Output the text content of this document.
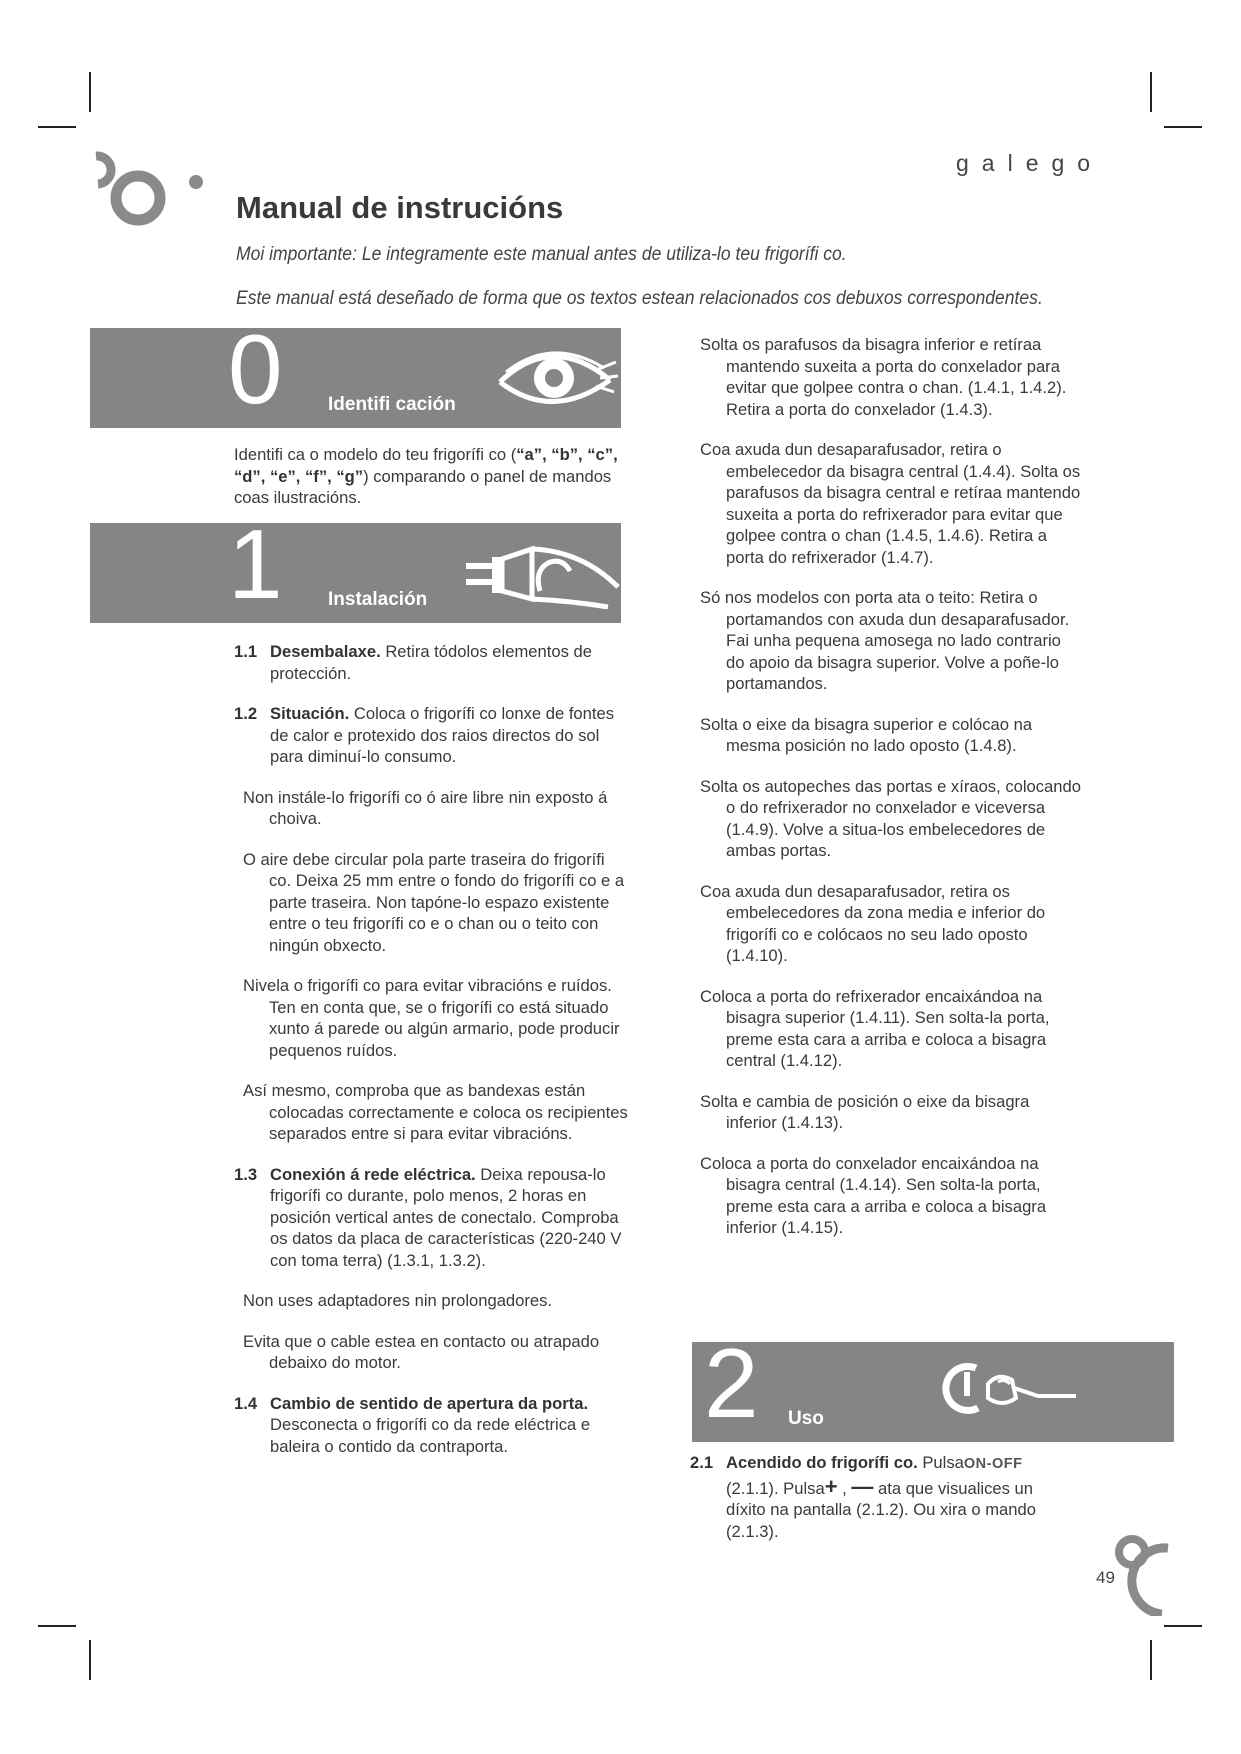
galego
Manual de instrucións

Moi importante: Le integramente este manual antes de utiliza-lo teu frigorífi co.

Este manual está deseñado de forma que os textos estean relacionados cos debuxos correspondentes.

0 Identifi cación
1 Instalación
2 Uso

Identifi ca o modelo do teu frigorífi co (“a”, “b”, “c”, “d”, “e”, “f”, “g”) comparando o panel de mandos coas ilustracións.

1.1 Desembalaxe. Retira tódolos elementos de protección.

1.2 Situación. Coloca o frigorífi co lonxe de fontes de calor e protexido dos raios directos do sol para diminuí-lo consumo.

Non instále-lo frigorífi co ó aire libre nin exposto á choiva.

O aire debe circular pola parte traseira do frigorífi co. Deixa 25 mm entre o fondo do frigorífi co e a parte traseira. Non tapóne-lo espazo existente entre o teu frigorífi co e o chan ou o teito con ningún obxecto.

Nivela o frigorífi co para evitar vibracións e ruídos. Ten en conta que, se o frigorífi co está situado xunto á parede ou algún armario, pode producir pequenos ruídos.

Así mesmo, comproba que as bandexas están colocadas correctamente e coloca os recipientes separados entre si para evitar vibracións.

1.3 Conexión á rede eléctrica. Deixa repousa-lo frigorífi co durante, polo menos, 2 horas en posición vertical antes de conectalo. Comproba os datos da placa de características (220-240 V con toma terra) (1.3.1, 1.3.2).

Non uses adaptadores nin prolongadores.

Evita que o cable estea en contacto ou atrapado debaixo do motor.

1.4 Cambio de sentido de apertura da porta. Desconecta o frigorífi co da rede eléctrica e baleira o contido da contraporta.

Solta os parafusos da bisagra inferior e retíraa mantendo suxeita a porta do conxelador para evitar que golpee contra o chan. (1.4.1, 1.4.2). Retira a porta do conxelador (1.4.3).

Coa axuda dun desaparafusador, retira o embelecedor da bisagra central (1.4.4). Solta os parafusos da bisagra central e retíraa mantendo suxeita a porta do refrixerador para evitar que golpee contra o chan (1.4.5, 1.4.6). Retira a porta do refrixerador (1.4.7).

Só nos modelos con porta ata o teito: Retira o portamandos con axuda dun desaparafusador. Fai unha pequena amosega no lado contrario do apoio da bisagra superior. Volve a poñe-lo portamandos.

Solta o eixe da bisagra superior e colócao na mesma posición no lado oposto (1.4.8).

Solta os autopeches das portas e xíraos, colocando o do refrixerador no conxelador e viceversa (1.4.9). Volve a situa-los embelecedores de ambas portas.

Coa axuda dun desaparafusador, retira os embelecedores da zona media e inferior do frigorífi co e colócaos no seu lado oposto (1.4.10).

Coloca a porta do refrixerador encaixándoa na bisagra superior (1.4.11). Sen solta-la porta, preme esta cara a arriba e coloca a bisagra central (1.4.12).

Solta e cambia de posición o eixe da bisagra inferior (1.4.13).

Coloca a porta do conxelador encaixándoa na bisagra central (1.4.14). Sen solta-la porta, preme esta cara a arriba e coloca a bisagra inferior (1.4.15).

2.1 Acendido do frigorífi co. PulsaON-OFF
(2.1.1). Pulsa+ , — ata que visualices un díxito na pantalla (2.1.2). Ou xira o mando (2.1.3).

49
